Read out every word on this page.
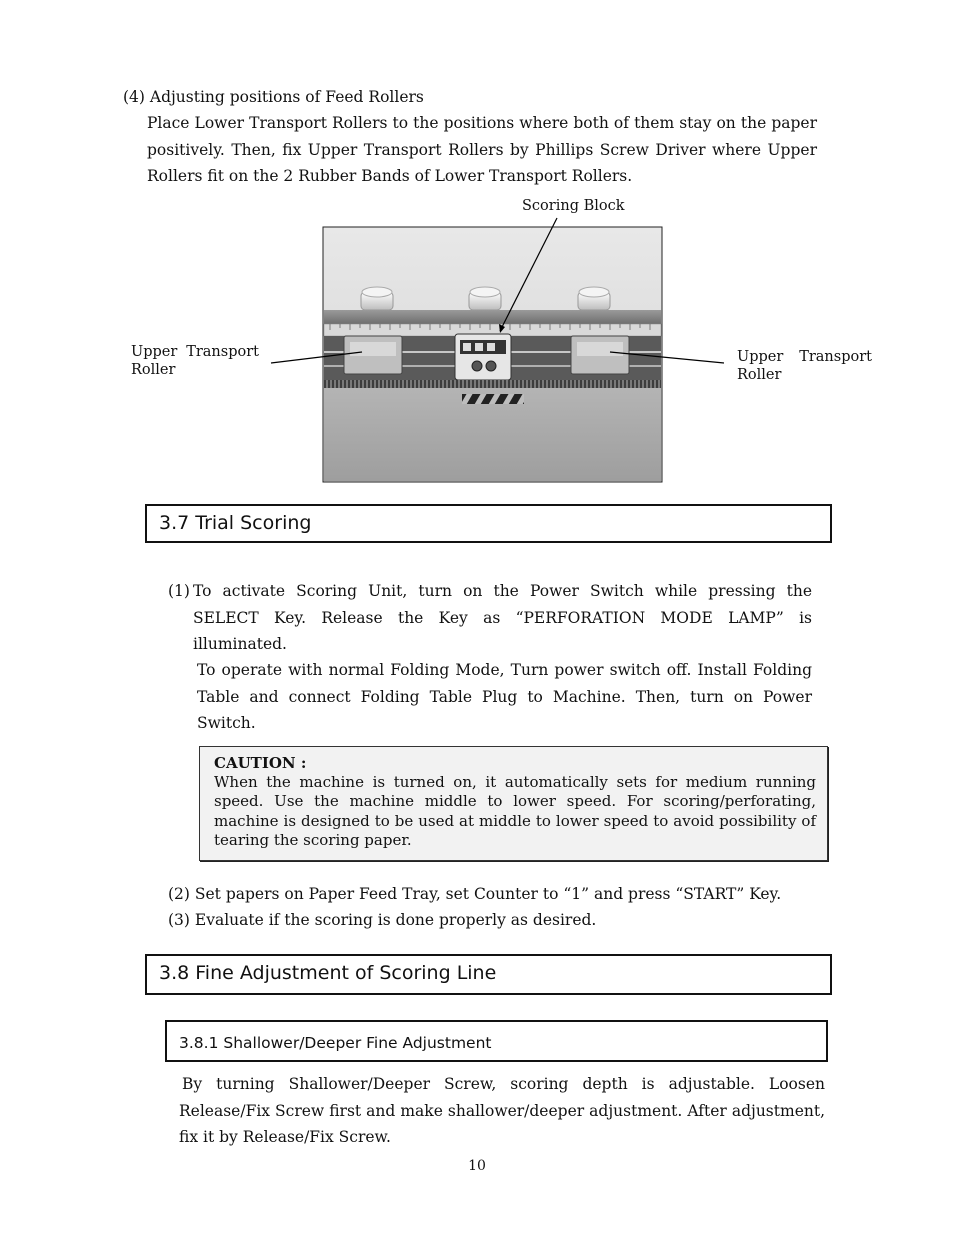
(4) Adjusting positions of Feed Rollers
Place Lower Transport Rollers to the positions where both of them stay on the paper positively. Then, fix Upper Transport Rollers by Phillips Screw Driver where Upper Rollers fit on the 2 Rubber Bands of Lower Transport Rollers.
Scoring Block
Upper Transport
Roller
Upper Transport
Roller
3.7 Trial Scoring
(1) To activate Scoring Unit, turn on the Power Switch while pressing the SELECT Key. Release the Key as “PERFORATION MODE LAMP” is illuminated.
To operate with normal Folding Mode, Turn power switch off. Install Folding Table and connect Folding Table Plug to Machine. Then, turn on Power Switch.
CAUTION :
When the machine is turned on, it automatically sets for medium running speed. Use the machine middle to lower speed. For scoring/perforating, machine is designed to be used at middle to lower speed to avoid possibility of tearing the scoring paper.
(2) Set papers on Paper Feed Tray, set Counter to “1” and press “START” Key.
(3) Evaluate if the scoring is done properly as desired.
3.8 Fine Adjustment of Scoring Line
3.8.1 Shallower/Deeper Fine Adjustment
By turning Shallower/Deeper Screw, scoring depth is adjustable. Loosen Release/Fix Screw first and make shallower/deeper adjustment. After adjustment, fix it by Release/Fix Screw.
10
